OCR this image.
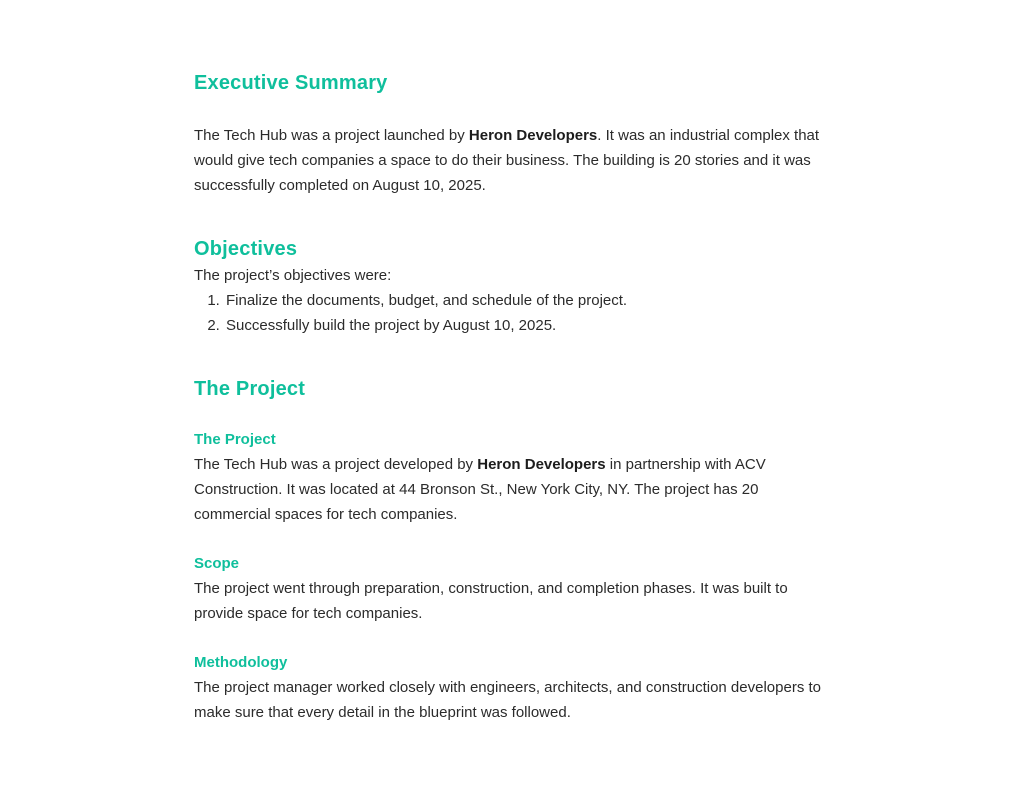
Executive Summary

The Tech Hub was a project launched by Heron Developers. It was an industrial complex that would give tech companies a space to do their business. The building is 20 stories and it was successfully completed on August 10, 2025.

Objectives

The project’s objectives were:

1. Finalize the documents, budget, and schedule of the project.
2. Successfully build the project by August 10, 2025.
The Project
The Project

The Tech Hub was a project developed by Heron Developers in partnership with ACV Construction. It was located at 44 Bronson St., New York City, NY. The project has 20 commercial spaces for tech companies.

Scope

The project went through preparation, construction, and completion phases. It was built to provide space for tech companies.

Methodology

The project manager worked closely with engineers, architects, and construction developers to make sure that every detail in the blueprint was followed.
